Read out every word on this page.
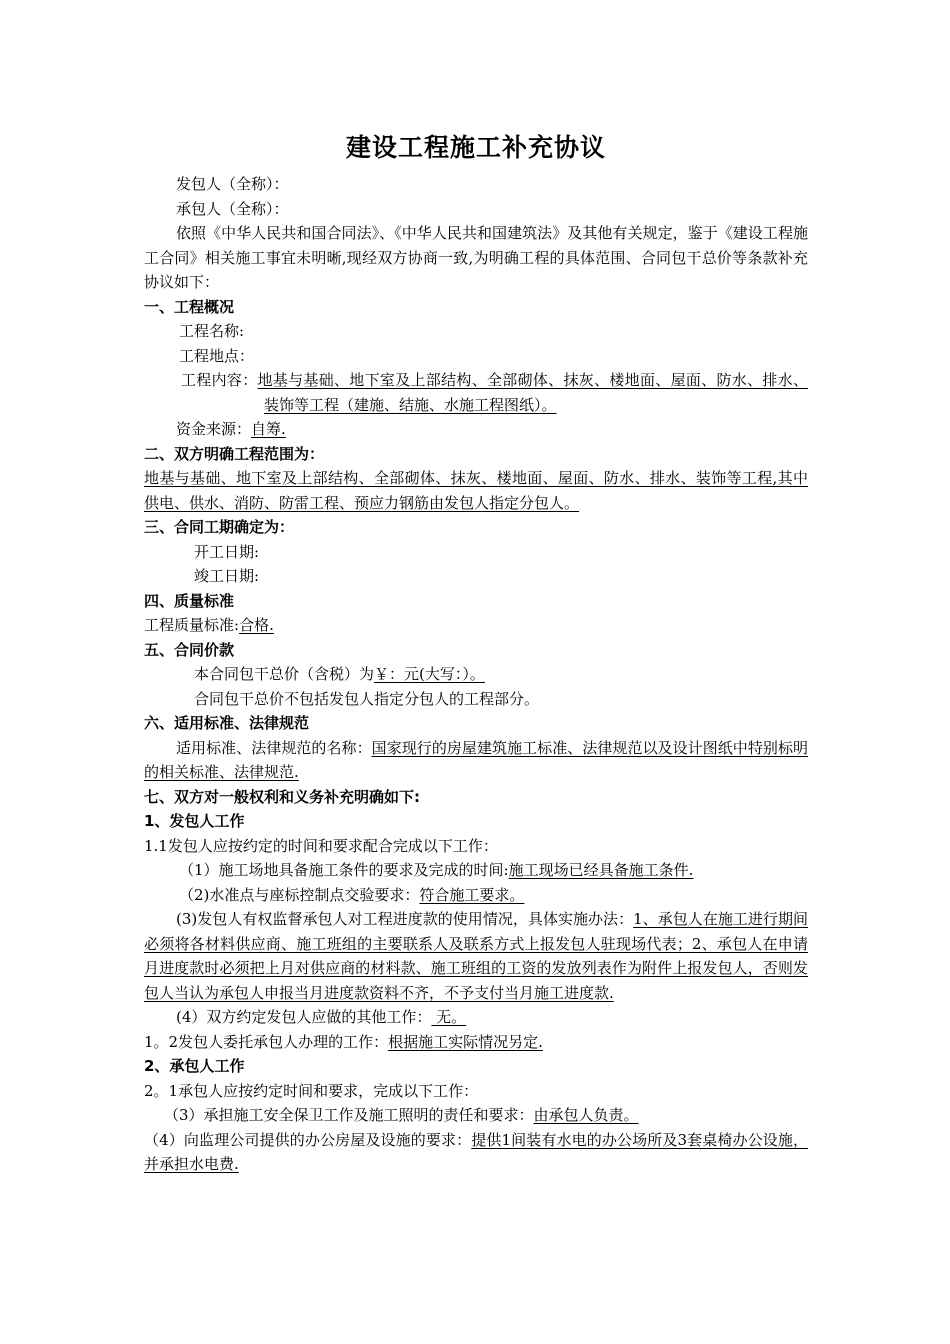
建设工程施工补充协议

发包人（全称）：

承包人（全称）：

依照《中华人民共和国合同法》、《中华人民共和国建筑法》及其他有关规定，鉴于《建设工程施工合同》相关施工事宜未明晰,现经双方协商一致,为明确工程的具体范围、合同包干总价等条款补充协议如下：

一、工程概况

工程名称:

工程地点：

工程内容：地基与基础、地下室及上部结构、全部砌体、抹灰、楼地面、屋面、防水、排水、装饰等工程（建施、结施、水施工程图纸）。

资金来源：自筹.

二、双方明确工程范围为：

地基与基础、地下室及上部结构、全部砌体、抹灰、楼地面、屋面、防水、排水、装饰等工程,其中供电、供水、消防、防雷工程、预应力钢筋由发包人指定分包人。

三、合同工期确定为：

开工日期:

竣工日期:

四、质量标准

工程质量标准:合格.

五、合同价款

本合同包干总价（含税）为￥：元(大写：）。

合同包干总价不包括发包人指定分包人的工程部分。

六、适用标准、法律规范

适用标准、法律规范的名称：国家现行的房屋建筑施工标准、法律规范以及设计图纸中特别标明的相关标准、法律规范.

七、双方对一般权利和义务补充明确如下:

1、发包人工作

1.1发包人应按约定的时间和要求配合完成以下工作：

（1）施工场地具备施工条件的要求及完成的时间:施工现场已经具备施工条件.

（2)水准点与座标控制点交验要求：符合施工要求。

(3)发包人有权监督承包人对工程进度款的使用情况，具体实施办法：1、承包人在施工进行期间必须将各材料供应商、施工班组的主要联系人及联系方式上报发包人驻现场代表；2、承包人在申请月进度款时必须把上月对供应商的材料款、施工班组的工资的发放列表作为附件上报发包人，否则发包人当认为承包人申报当月进度款资料不齐，不予支付当月施工进度款.

(4）双方约定发包人应做的其他工作： 无。

1。2发包人委托承包人办理的工作：根据施工实际情况另定.

2、承包人工作

2。1承包人应按约定时间和要求，完成以下工作：

（3）承担施工安全保卫工作及施工照明的责任和要求：由承包人负责。

（4）向监理公司提供的办公房屋及设施的要求：提供1间装有水电的办公场所及3套桌椅办公设施，并承担水电费.
